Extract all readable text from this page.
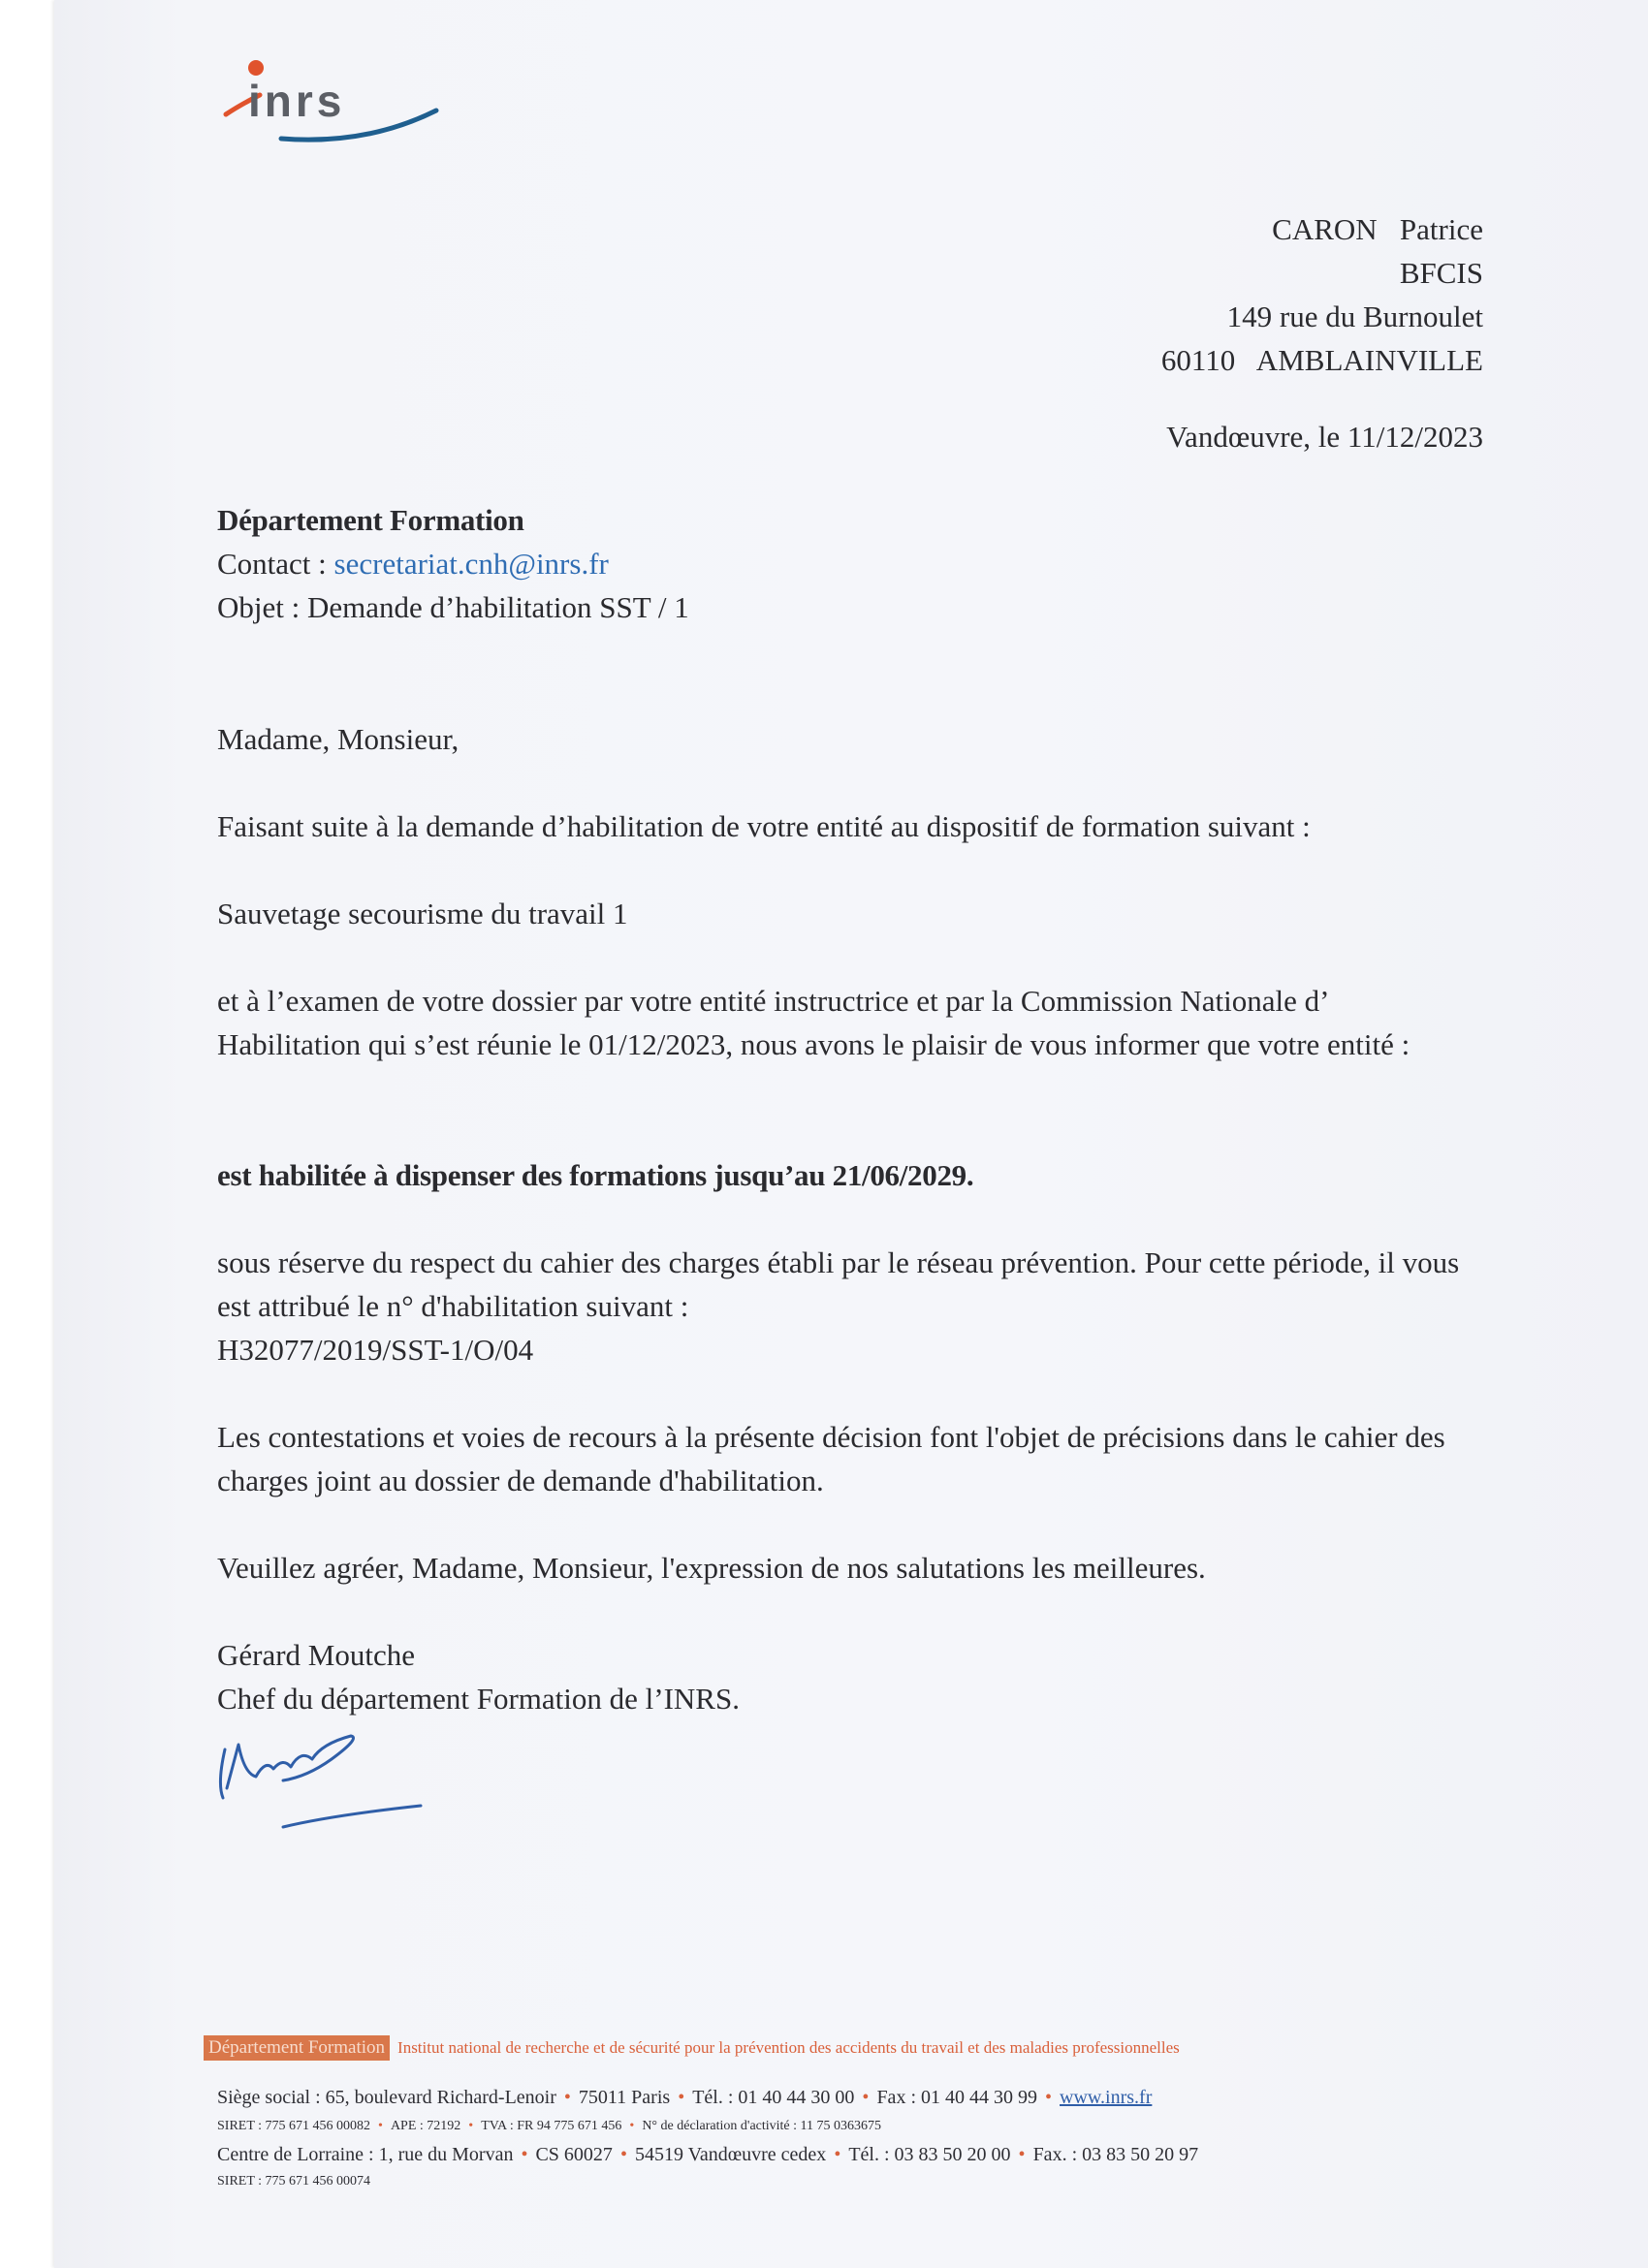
inrs
CARON   Patrice
BFCIS
149 rue du Burnoulet
60110   AMBLAINVILLE
Vandœuvre, le 11/12/2023
Département Formation
Contact : secretariat.cnh@inrs.fr
Objet : Demande d’habilitation SST / 1
Madame, Monsieur,
Faisant suite à la demande d’habilitation de votre entité au dispositif de formation suivant :
Sauvetage secourisme du travail 1
et à l’examen de votre dossier par votre entité instructrice et par la Commission Nationale d’ Habilitation qui s’est réunie le 01/12/2023, nous avons le plaisir de vous informer que votre entité :
est habilitée à dispenser des formations jusqu’au 21/06/2029.
sous réserve du respect du cahier des charges établi par le réseau prévention. Pour cette période, il vous est attribué le n° d'habilitation suivant :
H32077/2019/SST-1/O/04
Les contestations et voies de recours à la présente décision font l'objet de précisions dans le cahier des charges joint au dossier de demande d'habilitation.
Veuillez agréer, Madame, Monsieur, l'expression de nos salutations les meilleures.
Gérard Moutche
Chef du département Formation de l’INRS.
Département Formation Institut national de recherche et de sécurité pour la prévention des accidents du travail et des maladies professionnelles
Siège social : 65, boulevard Richard-Lenoir • 75011 Paris • Tél. : 01 40 44 30 00 • Fax : 01 40 44 30 99 • www.inrs.fr
SIRET : 775 671 456 00082 • APE : 72192 • TVA : FR 94 775 671 456 • N° de déclaration d'activité : 11 75 0363675
Centre de Lorraine : 1, rue du Morvan • CS 60027 • 54519 Vandœuvre cedex • Tél. : 03 83 50 20 00 • Fax. : 03 83 50 20 97
SIRET : 775 671 456 00074
